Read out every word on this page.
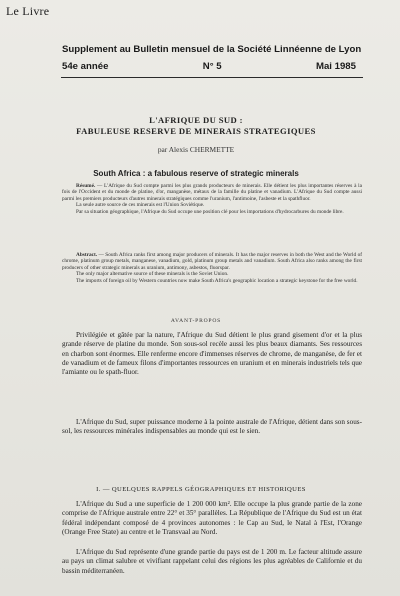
Le Livre
Supplement au Bulletin mensuel de la Société Linnéenne de Lyon
54e année	N° 5	Mai 1985
L'AFRIQUE DU SUD :
FABULEUSE RESERVE DE MINERAIS STRATEGIQUES
par Alexis CHERMETTE
South Africa : a fabulous reserve of strategic minerals
Résumé. — L'Afrique du Sud compte parmi les plus grands producteurs de minerais. Elle détient les plus importantes réserves à la fois de l'Occident et du monde de platine, d'or, manganèse, métaux de la famille du platine et vanadium. L'Afrique du Sud compte aussi parmi les premiers producteurs d'autres minerais stratégiques comme l'uranium, l'antimoine, l'asbeste et la spathfluor.
La seule autre source de ces minerais est l'Union Soviétique.
Par sa situation géographique, l'Afrique du Sud occupe une position clé pour les importations d'hydrocarbures du monde libre.
Abstract. — South Africa ranks first among major producers of minerals. It has the major reserves in both the West and the World of chrome, platinum group metals, manganese, vanadium, gold, platinum group metals and vanadium. South Africa also ranks among the first producers of other strategic minerals as uranium, antimony, asbestos, fluorspar.
The only major alternative source of these minerals is the Soviet Union.
The imports of foreign oil by Western countries now make South Africa's geographic location a strategic keystone for the free world.
AVANT-PROPOS
Privilégiée et gâtée par la nature, l'Afrique du Sud détient le plus grand gisement d'or et la plus grande réserve de platine du monde. Son sous-sol recèle aussi les plus beaux diamants. Ses ressources en charbon sont énormes. Elle renferme encore d'immenses réserves de chrome, de manganèse, de fer et de vanadium et de fameux filons d'importantes ressources en uranium et en minerais industriels tels que l'amiante ou le spath-fluor.
L'Afrique du Sud, super puissance moderne à la pointe australe de l'Afrique, détient dans son sous-sol, les ressources minérales indispensables au monde qui est le sien.
I. — QUELQUES RAPPELS GÉOGRAPHIQUES ET HISTORIQUES
L'Afrique du Sud a une superficie de 1 200 000 km². Elle occupe la plus grande partie de la zone comprise de l'Afrique australe entre 22° et 35° parallèles. La République de l'Afrique du Sud est un état fédéral indépendant composé de 4 provinces autonomes : le Cap au Sud, le Natal à l'Est, l'Orange (Orange Free State) au centre et le Transvaal au Nord.
L'Afrique du Sud représente d'une grande partie du pays est de 1 200 m. Le facteur altitude assure au pays un climat salubre et vivifiant rappelant celui des régions les plus agréables de Californie et du bassin méditerranéen.
